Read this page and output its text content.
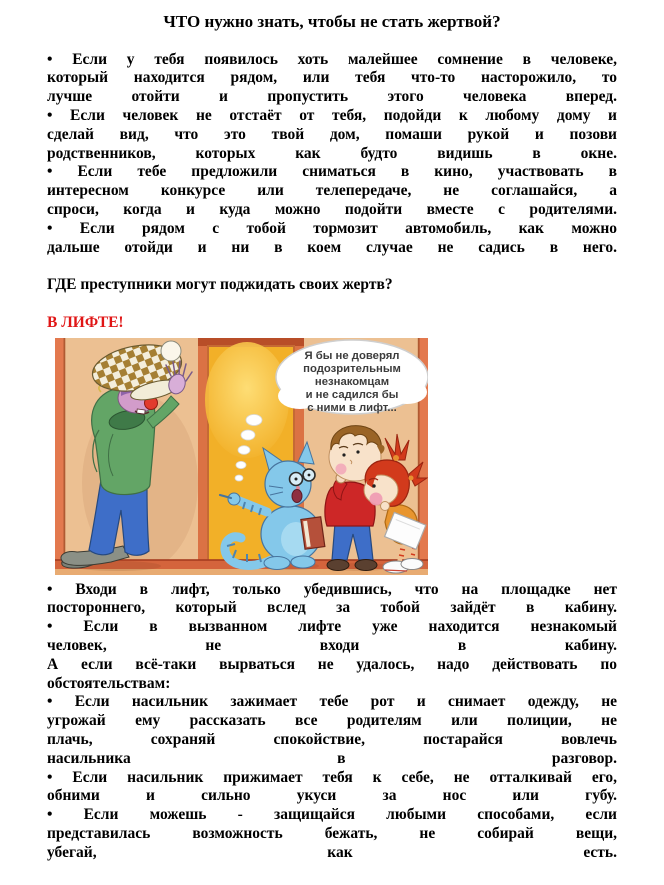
ЧТО нужно знать, чтобы не стать жертвой?
• Если у тебя появилось хоть малейшее сомнение в человеке,
который находится рядом, или тебя что-то насторожило, то
лучше отойти и пропустить этого человека вперед.
• Если человек не отстаёт от тебя, подойди к любому дому и
сделай вид, что это твой дом, помаши рукой и позови
родственников, которых как будто видишь в окне.
• Если тебе предложили сниматься в кино, участвовать в
интересном конкурсе или телепередаче, не соглашайся, а
спроси, когда и куда можно подойти вместе с родителями.
• Если рядом с тобой тормозит автомобиль, как можно
дальше отойди и ни в коем случае не садись в него.
ГДЕ преступники могут поджидать своих жертв?
В ЛИФТЕ!
Я бы не доверял
подозрительным
незнакомцам
и не садился бы
с ними в лифт...
• Входи в лифт, только убедившись, что на площадке нет
постороннего, который вслед за тобой зайдёт в кабину.
• Если в вызванном лифте уже находится незнакомый
человек, не входи в кабину.
А если всё-таки вырваться не удалось, надо действовать по
обстоятельствам:
• Если насильник зажимает тебе рот и снимает одежду, не
угрожай ему рассказать все родителям или полиции, не
плачь, сохраняй спокойствие, постарайся вовлечь
насильника в разговор.
• Если насильник прижимает тебя к себе, не отталкивай его,
обними и сильно укуси за нос или губу.
• Если можешь - защищайся любыми способами, если
представилась возможность бежать, не собирай вещи,
убегай, как есть.
